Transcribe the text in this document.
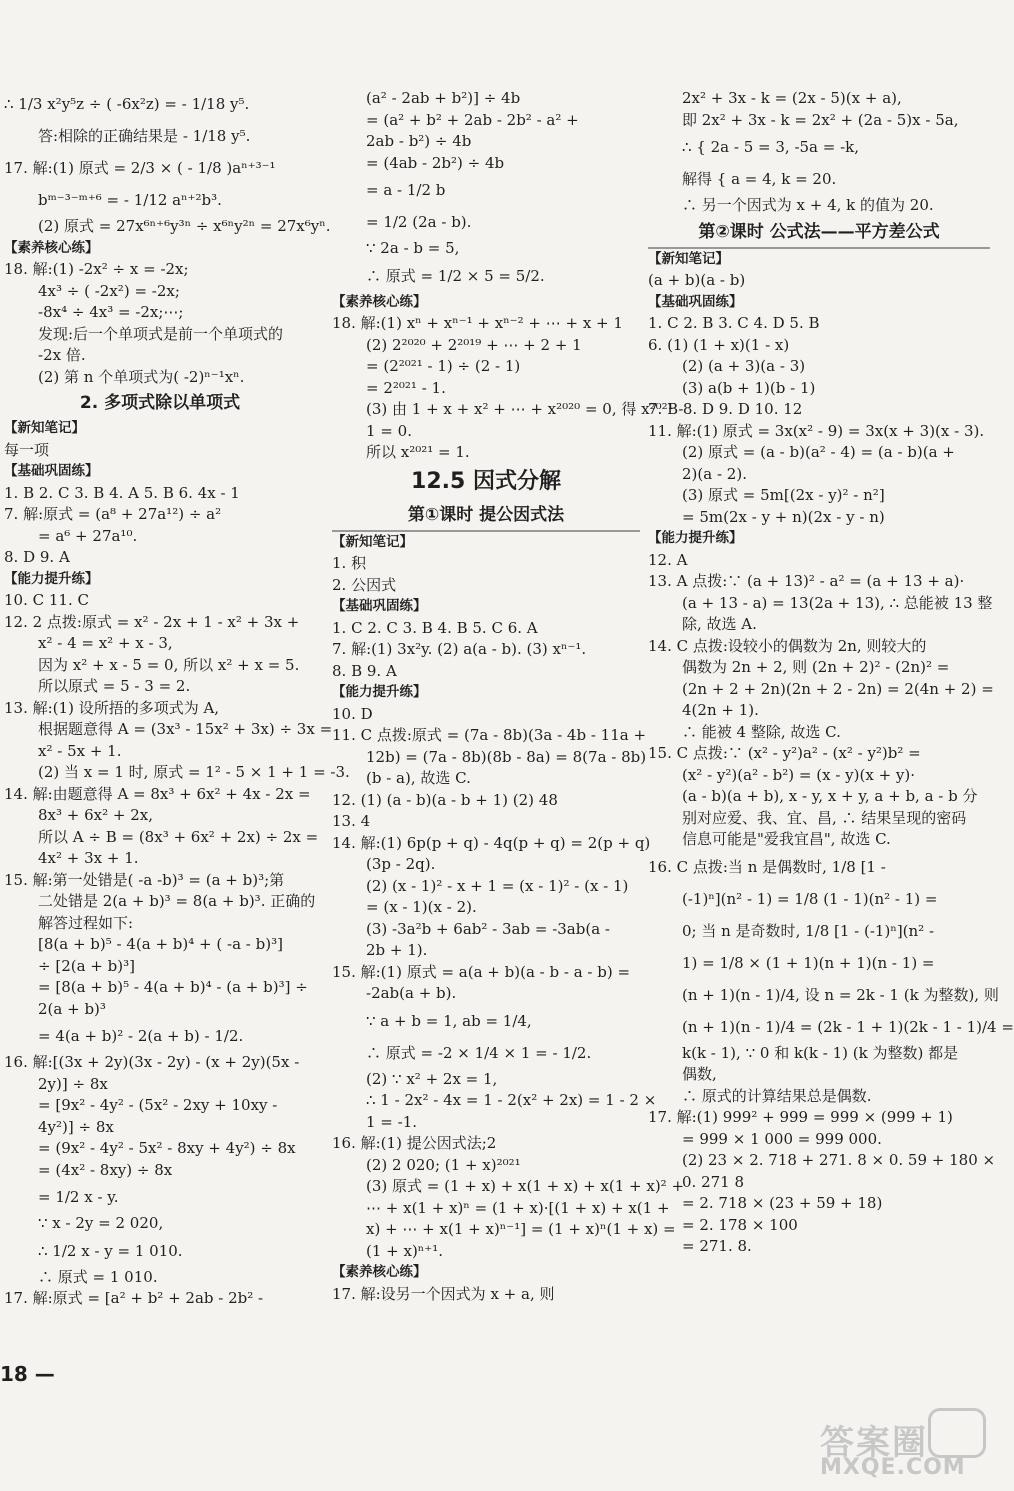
∴ 1/3 x²y⁵z ÷ ( -6x²z) = - 1/18 y⁵.
答:相除的正确结果是 - 1/18 y⁵.
17. 解:(1) 原式 = 2/3 × ( - 1/8 )aⁿ⁺³⁻¹
bᵐ⁻³⁻ᵐ⁺⁶ = - 1/12 aⁿ⁺²b³.
(2) 原式 = 27x⁶ⁿ⁺⁶y³ⁿ ÷ x⁶ⁿy²ⁿ = 27x⁶yⁿ.
【素养核心练】
18. 解:(1) -2x² ÷ x = -2x;
4x³ ÷ ( -2x²) = -2x;
-8x⁴ ÷ 4x³ = -2x;⋯;
发现:后一个单项式是前一个单项式的
-2x 倍.
(2) 第 n 个单项式为( -2)ⁿ⁻¹xⁿ.
2. 多项式除以单项式
【新知笔记】
每一项
【基础巩固练】
1. B 2. C 3. B 4. A 5. B 6. 4x - 1
7. 解:原式 = (a⁸ + 27a¹²) ÷ a²
= a⁶ + 27a¹⁰.
8. D 9. A
【能力提升练】
10. C 11. C
12. 2 点拨:原式 = x² - 2x + 1 - x² + 3x +
x² - 4 = x² + x - 3,
因为 x² + x - 5 = 0, 所以 x² + x = 5.
所以原式 = 5 - 3 = 2.
13. 解:(1) 设所捂的多项式为 A,
根据题意得 A = (3x³ - 15x² + 3x) ÷ 3x =
x² - 5x + 1.
(2) 当 x = 1 时, 原式 = 1² - 5 × 1 + 1 = -3.
14. 解:由题意得 A = 8x³ + 6x² + 4x - 2x =
8x³ + 6x² + 2x,
所以 A ÷ B = (8x³ + 6x² + 2x) ÷ 2x =
4x² + 3x + 1.
15. 解:第一处错是( -a -b)³ = (a + b)³;第
二处错是 2(a + b)³ = 8(a + b)³. 正确的
解答过程如下:
[8(a + b)⁵ - 4(a + b)⁴ + ( -a - b)³]
÷ [2(a + b)³]
= [8(a + b)⁵ - 4(a + b)⁴ - (a + b)³] ÷
2(a + b)³
= 4(a + b)² - 2(a + b) - 1/2.
16. 解:[(3x + 2y)(3x - 2y) - (x + 2y)(5x -
2y)] ÷ 8x
= [9x² - 4y² - (5x² - 2xy + 10xy -
4y²)] ÷ 8x
= (9x² - 4y² - 5x² - 8xy + 4y²) ÷ 8x
= (4x² - 8xy) ÷ 8x
= 1/2 x - y.
∵ x - 2y = 2 020,
∴ 1/2 x - y = 1 010.
∴ 原式 = 1 010.
17. 解:原式 = [a² + b² + 2ab - 2b² -
(a² - 2ab + b²)] ÷ 4b
= (a² + b² + 2ab - 2b² - a² +
2ab - b²) ÷ 4b
= (4ab - 2b²) ÷ 4b
= a - 1/2 b
= 1/2 (2a - b).
∵ 2a - b = 5,
∴ 原式 = 1/2 × 5 = 5/2.
【素养核心练】
18. 解:(1) xⁿ + xⁿ⁻¹ + xⁿ⁻² + ⋯ + x + 1
(2) 2²⁰²⁰ + 2²⁰¹⁹ + ⋯ + 2 + 1
= (2²⁰²¹ - 1) ÷ (2 - 1)
= 2²⁰²¹ - 1.
(3) 由 1 + x + x² + ⋯ + x²⁰²⁰ = 0, 得 x²⁰²¹ -
1 = 0.
所以 x²⁰²¹ = 1.
12.5 因式分解
第①课时 提公因式法
【新知笔记】
1. 积
2. 公因式
【基础巩固练】
1. C 2. C 3. B 4. B 5. C 6. A
7. 解:(1) 3x²y. (2) a(a - b). (3) xⁿ⁻¹.
8. B 9. A
【能力提升练】
10. D
11. C 点拨:原式 = (7a - 8b)(3a - 4b - 11a +
12b) = (7a - 8b)(8b - 8a) = 8(7a - 8b)
(b - a), 故选 C.
12. (1) (a - b)(a - b + 1) (2) 48
13. 4
14. 解:(1) 6p(p + q) - 4q(p + q) = 2(p + q)
(3p - 2q).
(2) (x - 1)² - x + 1 = (x - 1)² - (x - 1)
= (x - 1)(x - 2).
(3) -3a²b + 6ab² - 3ab = -3ab(a -
2b + 1).
15. 解:(1) 原式 = a(a + b)(a - b - a - b) =
-2ab(a + b).
∵ a + b = 1, ab = 1/4,
∴ 原式 = -2 × 1/4 × 1 = - 1/2.
(2) ∵ x² + 2x = 1,
∴ 1 - 2x² - 4x = 1 - 2(x² + 2x) = 1 - 2 ×
1 = -1.
16. 解:(1) 提公因式法;2
(2) 2 020; (1 + x)²⁰²¹
(3) 原式 = (1 + x) + x(1 + x) + x(1 + x)² +
⋯ + x(1 + x)ⁿ = (1 + x)·[(1 + x) + x(1 +
x) + ⋯ + x(1 + x)ⁿ⁻¹] = (1 + x)ⁿ(1 + x) =
(1 + x)ⁿ⁺¹.
【素养核心练】
17. 解:设另一个因式为 x + a, 则
2x² + 3x - k = (2x - 5)(x + a),
即 2x² + 3x - k = 2x² + (2a - 5)x - 5a,
∴ { 2a - 5 = 3, -5a = -k,
解得 { a = 4, k = 20.
∴ 另一个因式为 x + 4, k 的值为 20.
第②课时 公式法——平方差公式
【新知笔记】
(a + b)(a - b)
【基础巩固练】
1. C 2. B 3. C 4. D 5. B
6. (1) (1 + x)(1 - x)
(2) (a + 3)(a - 3)
(3) a(b + 1)(b - 1)
7. B 8. D 9. D 10. 12
11. 解:(1) 原式 = 3x(x² - 9) = 3x(x + 3)(x - 3).
(2) 原式 = (a - b)(a² - 4) = (a - b)(a +
2)(a - 2).
(3) 原式 = 5m[(2x - y)² - n²]
= 5m(2x - y + n)(2x - y - n)
【能力提升练】
12. A
13. A 点拨:∵ (a + 13)² - a² = (a + 13 + a)·
(a + 13 - a) = 13(2a + 13), ∴ 总能被 13 整
除, 故选 A.
14. C 点拨:设较小的偶数为 2n, 则较大的
偶数为 2n + 2, 则 (2n + 2)² - (2n)² =
(2n + 2 + 2n)(2n + 2 - 2n) = 2(4n + 2) =
4(2n + 1).
∴ 能被 4 整除, 故选 C.
15. C 点拨:∵ (x² - y²)a² - (x² - y²)b² =
(x² - y²)(a² - b²) = (x - y)(x + y)·
(a - b)(a + b), x - y, x + y, a + b, a - b 分
别对应爱、我、宜、昌, ∴ 结果呈现的密码
信息可能是"爱我宜昌", 故选 C.
16. C 点拨:当 n 是偶数时, 1/8 [1 -
(-1)ⁿ](n² - 1) = 1/8 (1 - 1)(n² - 1) =
0; 当 n 是奇数时, 1/8 [1 - (-1)ⁿ](n² -
1) = 1/8 × (1 + 1)(n + 1)(n - 1) =
(n + 1)(n - 1)/4, 设 n = 2k - 1 (k 为整数), 则
(n + 1)(n - 1)/4 = (2k - 1 + 1)(2k - 1 - 1)/4 =
k(k - 1), ∵ 0 和 k(k - 1) (k 为整数) 都是
偶数,
∴ 原式的计算结果总是偶数.
17. 解:(1) 999² + 999 = 999 × (999 + 1)
= 999 × 1 000 = 999 000.
(2) 23 × 2. 718 + 271. 8 × 0. 59 + 180 ×
0. 271 8
= 2. 718 × (23 + 59 + 18)
= 2. 178 × 100
= 271. 8.
18 —
答案圈
MXQE.COM
